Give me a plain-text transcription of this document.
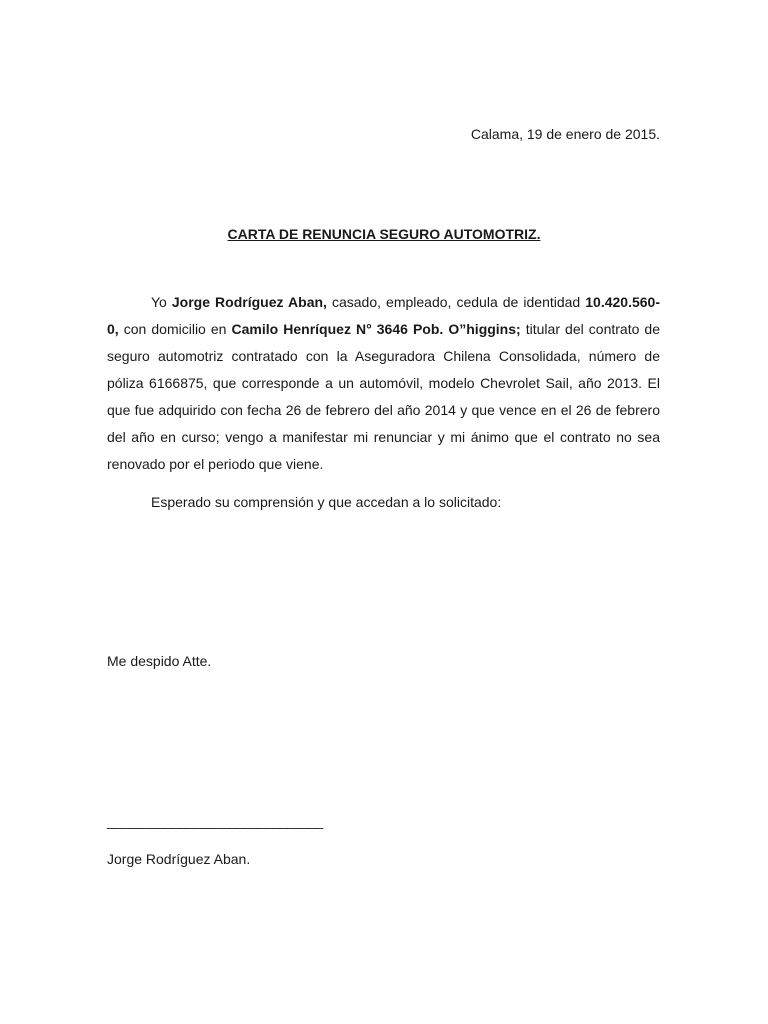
Calama, 19 de enero de 2015.
CARTA DE RENUNCIA SEGURO AUTOMOTRIZ.

Yo Jorge Rodríguez Aban, casado, empleado, cedula de identidad 10.420.560-0, con domicilio en Camilo Henríquez N° 3646 Pob. O”higgins; titular del contrato de seguro automotriz contratado con la Aseguradora Chilena Consolidada, número de póliza 6166875, que corresponde a un automóvil, modelo Chevrolet Sail, año 2013. El que fue adquirido con fecha 26 de febrero del año 2014 y que vence en el 26 de febrero del año en curso; vengo a manifestar mi renunciar y mi ánimo que el contrato no sea renovado por el periodo que viene.

Esperado su comprensión y que accedan a lo solicitado:

Me despido Atte.

______________________________

Jorge Rodríguez Aban.
